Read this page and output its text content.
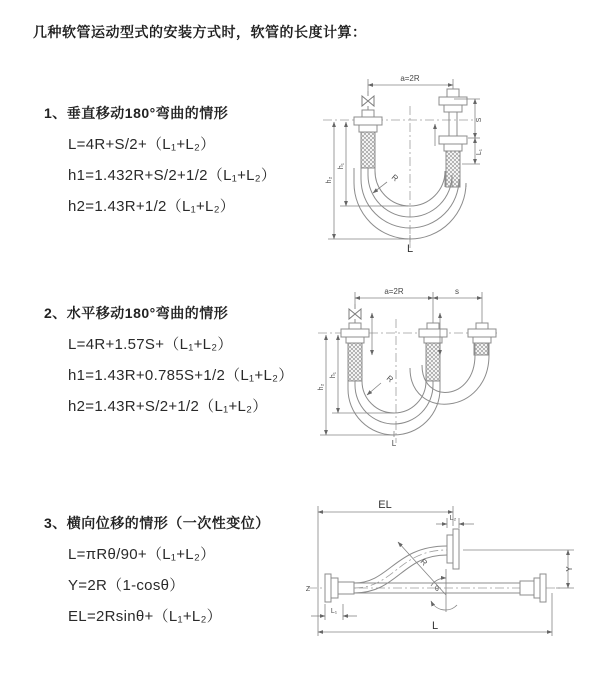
几种软管运动型式的安装方式时，软管的长度计算：
1、垂直移动180°弯曲的情形
L=4R+S/2+（L₁+L₂）
h1=1.432R+S/2+1/2（L₁+L₂）
h2=1.43R+1/2（L₁+L₂）
2、水平移动180°弯曲的情形
L=4R+1.57S+（L₁+L₂）
h1=1.43R+0.785S+1/2（L₁+L₂）
h2=1.43R+S/2+1/2（L₁+L₂）
3、横向位移的情形（一次性变位）
L=πRθ/90+（L₁+L₂）
Y=2R（1-cosθ）
EL=2Rsinθ+（L₁+L₂）
a=2R
R
h₁
h₂
S
L₁
L
a=2R	s
R
h₁
h₂
L
Z
EL
L
L₂
Y
R
θ
L₁
